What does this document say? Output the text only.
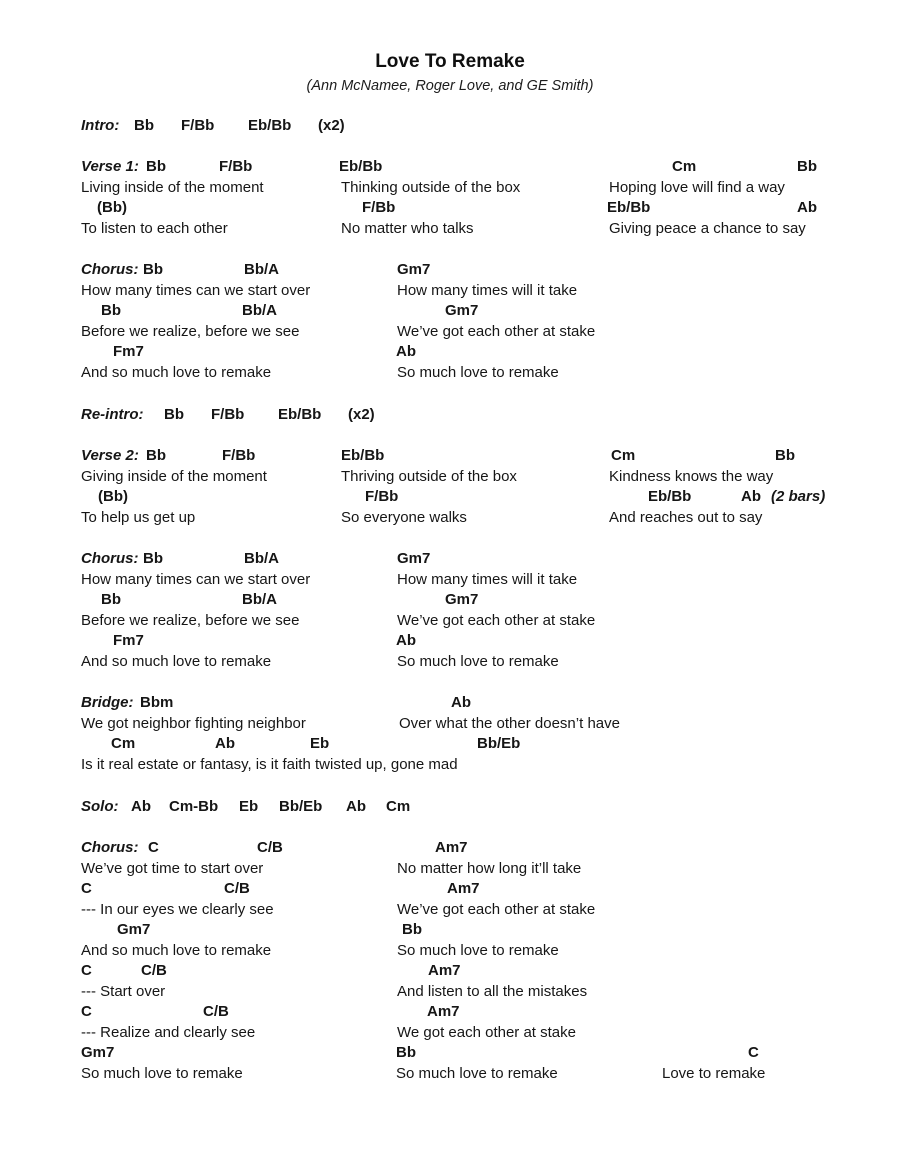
Love To Remake
(Ann McNamee, Roger Love, and GE Smith)
Intro: Bb F/Bb Eb/Bb (x2)
Verse 1: Bb	F/Bb	Eb/Bb	Cm	Bb
Living inside of the moment	Thinking outside of the box	Hoping love will find a way
(Bb)	F/Bb	Eb/Bb	Ab
To listen to each other	No matter who talks	Giving peace a chance to say
Chorus: Bb	Bb/A	Gm7
How many times can we start over	How many times will it take
Bb	Bb/A	Gm7
Before we realize, before we see	We’ve got each other at stake
Fm7	Ab
And so much love to remake	So much love to remake
Re-intro: Bb F/Bb Eb/Bb (x2)
Verse 2: Bb	F/Bb	Eb/Bb	Cm	Bb
Giving inside of the moment	Thriving outside of the box	Kindness knows the way
(Bb)	F/Bb	Eb/Bb	Ab (2 bars)
To help us get up	So everyone walks	And reaches out to say
Chorus: Bb	Bb/A	Gm7
How many times can we start over	How many times will it take
Bb	Bb/A	Gm7
Before we realize, before we see	We’ve got each other at stake
Fm7	Ab
And so much love to remake	So much love to remake
Bridge: Bbm	Ab
We got neighbor fighting neighbor	Over what the other doesn’t have
Cm	Ab	Eb	Bb/Eb
Is it real estate or fantasy, is it faith twisted up, gone mad
Solo: Ab Cm-Bb Eb Bb/Eb Ab Cm
Chorus: C	C/B	Am7
We’ve got time to start over	No matter how long it’ll take
C	C/B	Am7
--- In our eyes we clearly see	We’ve got each other at stake
Gm7	Bb
And so much love to remake	So much love to remake
C	C/B	Am7
--- Start over	And listen to all the mistakes
C	C/B	Am7
--- Realize and clearly see	We got each other at stake
Gm7	Bb	C
So much love to remake	So much love to remake	Love to remake
